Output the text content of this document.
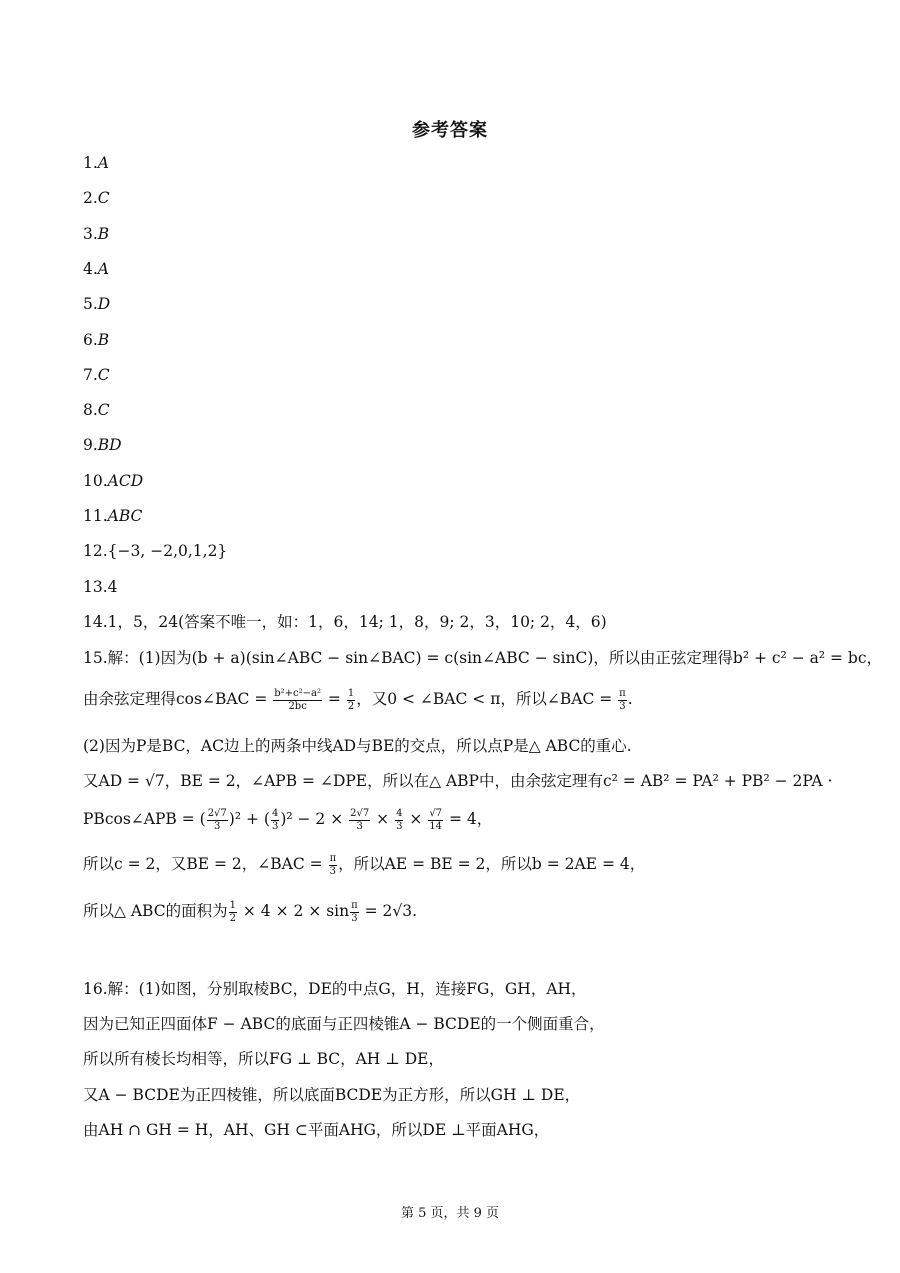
参考答案
1.A
2.C
3.B
4.A
5.D
6.B
7.C
8.C
9.BD
10.ACD
11.ABC
12.{−3, −2,0,1,2}
13.4
14.1，5，24(答案不唯一，如：1，6，14; 1，8，9; 2，3，10; 2，4，6)
15.解：(1)因为(b + a)(sin∠ABC − sin∠BAC) = c(sin∠ABC − sinC)，所以由正弦定理得b² + c² − a² = bc，
由余弦定理得cos∠BAC = $\frac{\text{b²+c²−a²}}{2bc} = \frac{1}{2}$ ，又0 < ∠BAC < π，所以∠BAC = $\frac{\pi}{3}$ .
(2)因为P是BC，AC边上的两条中线AD与BE的交点，所以点P是△ ABC的重心.
又AD = √7，BE = 2，∠APB = ∠DPE，所以在△ ABP中，由余弦定理有c² = AB² = PA² + PB² − 2PA ·
PBcos∠APB = ( $\frac{2√7}{3} )^2$ + ( $\frac{4}{3} )^2 - 2 \times \frac{2√7}{3} \times \frac{4}{3} \times \frac{√7}{14} = 4$，
所以c = 2，又BE = 2，∠BAC = $\frac{\pi}{3}$ ，所以AE = BE = 2，所以b = 2AE = 4，
所以△ ABC的面积为 $\frac{1}{2} \times 4 \times 2 \times \sin \frac{\pi}{3} = 2√3$.
16.解：(1)如图，分别取棱BC，DE的中点G，H，连接FG，GH，AH，
因为已知正四面体F − ABC的底面与正四棱锥A − BCDE的一个侧面重合，
所以所有棱长均相等，所以FG ⊥ BC，AH ⊥ DE，
又A − BCDE为正四棱锥，所以底面BCDE为正方形，所以GH ⊥ DE，
由AH ∩ GH = H，AH、GH ⊂平面AHG，所以DE ⊥平面AHG，
第 5 页，共 9 页
